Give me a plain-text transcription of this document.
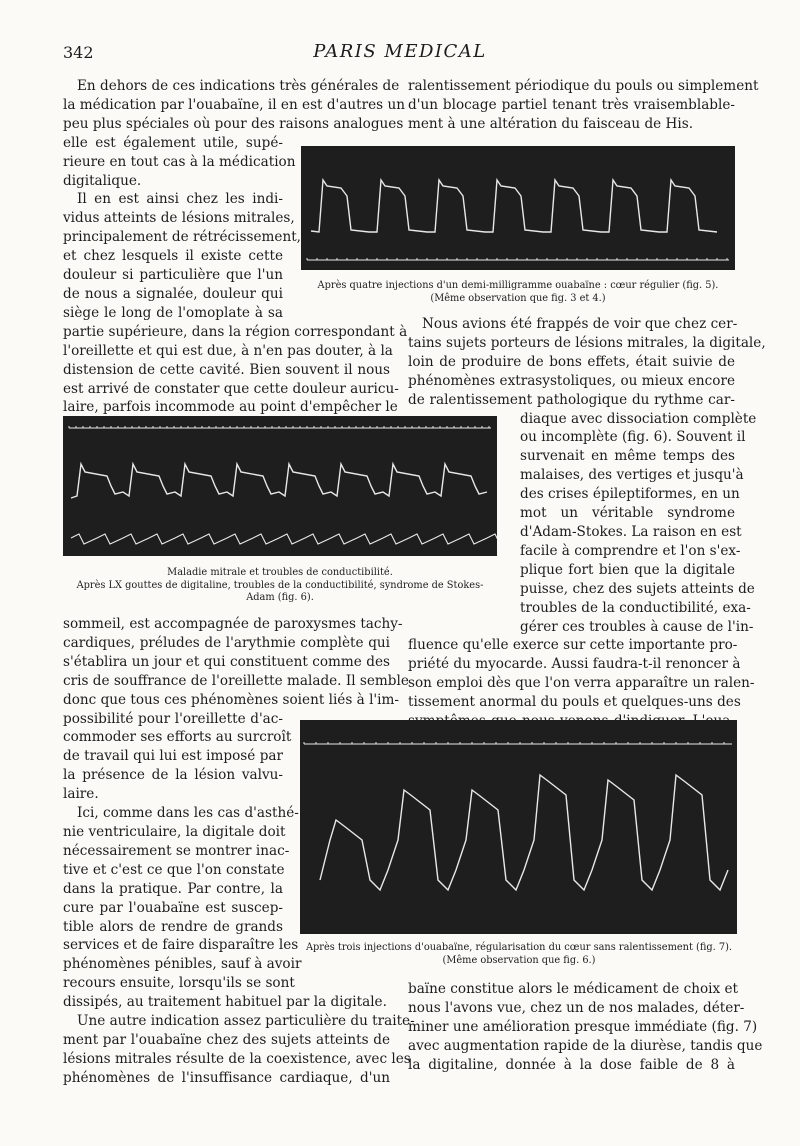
342	PARIS MEDICAL
En dehors de ces indications très générales de
la médication par l'ouabaïne, il en est d'autres un
peu plus spéciales où pour des raisons analogues
elle est également utile, supé-
rieure en tout cas à la médication
digitalique.
Il en est ainsi chez les indi-
vidus atteints de lésions mitrales,
principalement de rétrécissement,
et chez lesquels il existe cette
douleur si particulière que l'un
de nous a signalée, douleur qui
siège le long de l'omoplate à sa
partie supérieure, dans la région correspondant à
l'oreillette et qui est due, à n'en pas douter, à la
distension de cette cavité. Bien souvent il nous
est arrivé de constater que cette douleur auricu-
laire, parfois incommode au point d'empêcher le
ralentissement périodique du pouls ou simplement
d'un blocage partiel tenant très vraisemblable-
ment à une altération du faisceau de His.
Après quatre injections d'un demi-milligramme ouabaïne : cœur régulier (fig. 5).
(Même observation que fig. 3 et 4.)
Nous avions été frappés de voir que chez cer-
tains sujets porteurs de lésions mitrales, la digitale,
loin de produire de bons effets, était suivie de
phénomènes extrasystoliques, ou mieux encore
de ralentissement pathologique du rythme car-
diaque avec dissociation complète
ou incomplète (fig. 6). Souvent il
survenait en même temps des
malaises, des vertiges et jusqu'à
des crises épileptiformes, en un
mot un véritable syndrome
d'Adam-Stokes. La raison en est
facile à comprendre et l'on s'ex-
plique fort bien que la digitale
puisse, chez des sujets atteints de
troubles de la conductibilité, exa-
gérer ces troubles à cause de l'in-
fluence qu'elle exerce sur cette importante pro-
priété du myocarde. Aussi faudra-t-il renoncer à
son emploi dès que l'on verra apparaître un ralen-
tissement anormal du pouls et quelques-uns des
Maladie mitrale et troubles de conductibilité.
Après LX gouttes de digitaline, troubles de la conductibilité, syndrome de Stokes-
Adam (fig. 6).
sommeil, est accompagnée de paroxysmes tachy-
cardiques, préludes de l'arythmie complète qui
s'établira un jour et qui constituent comme des
cris de souffrance de l'oreillette malade. Il semble
donc que tous ces phénomènes soient liés à l'im-
possibilité pour l'oreillette d'ac-
commoder ses efforts au surcroît
de travail qui lui est imposé par
la présence de la lésion valvu-
laire.
Ici, comme dans les cas d'asthé-
nie ventriculaire, la digitale doit
nécessairement se montrer inac-
tive et c'est ce que l'on constate
dans la pratique. Par contre, la
cure par l'ouabaïne est suscep-
tible alors de rendre de grands
services et de faire disparaître les
phénomènes pénibles, sauf à avoir
recours ensuite, lorsqu'ils se sont
dissipés, au traitement habituel par la digitale.
Une autre indication assez particulière du traite-
ment par l'ouabaïne chez des sujets atteints de
lésions mitrales résulte de la coexistence, avec les
phénomènes de l'insuffisance cardiaque, d'un
Après trois injections d'ouabaïne, régularisation du cœur sans ralentissement (fig. 7).
(Même observation que fig. 6.)
baïne constitue alors le médicament de choix et
nous l'avons vue, chez un de nos malades, déter-
miner une amélioration presque immédiate (fig. 7)
avec augmentation rapide de la diurèse, tandis que
la digitaline, donnée à la dose faible de 8 à
